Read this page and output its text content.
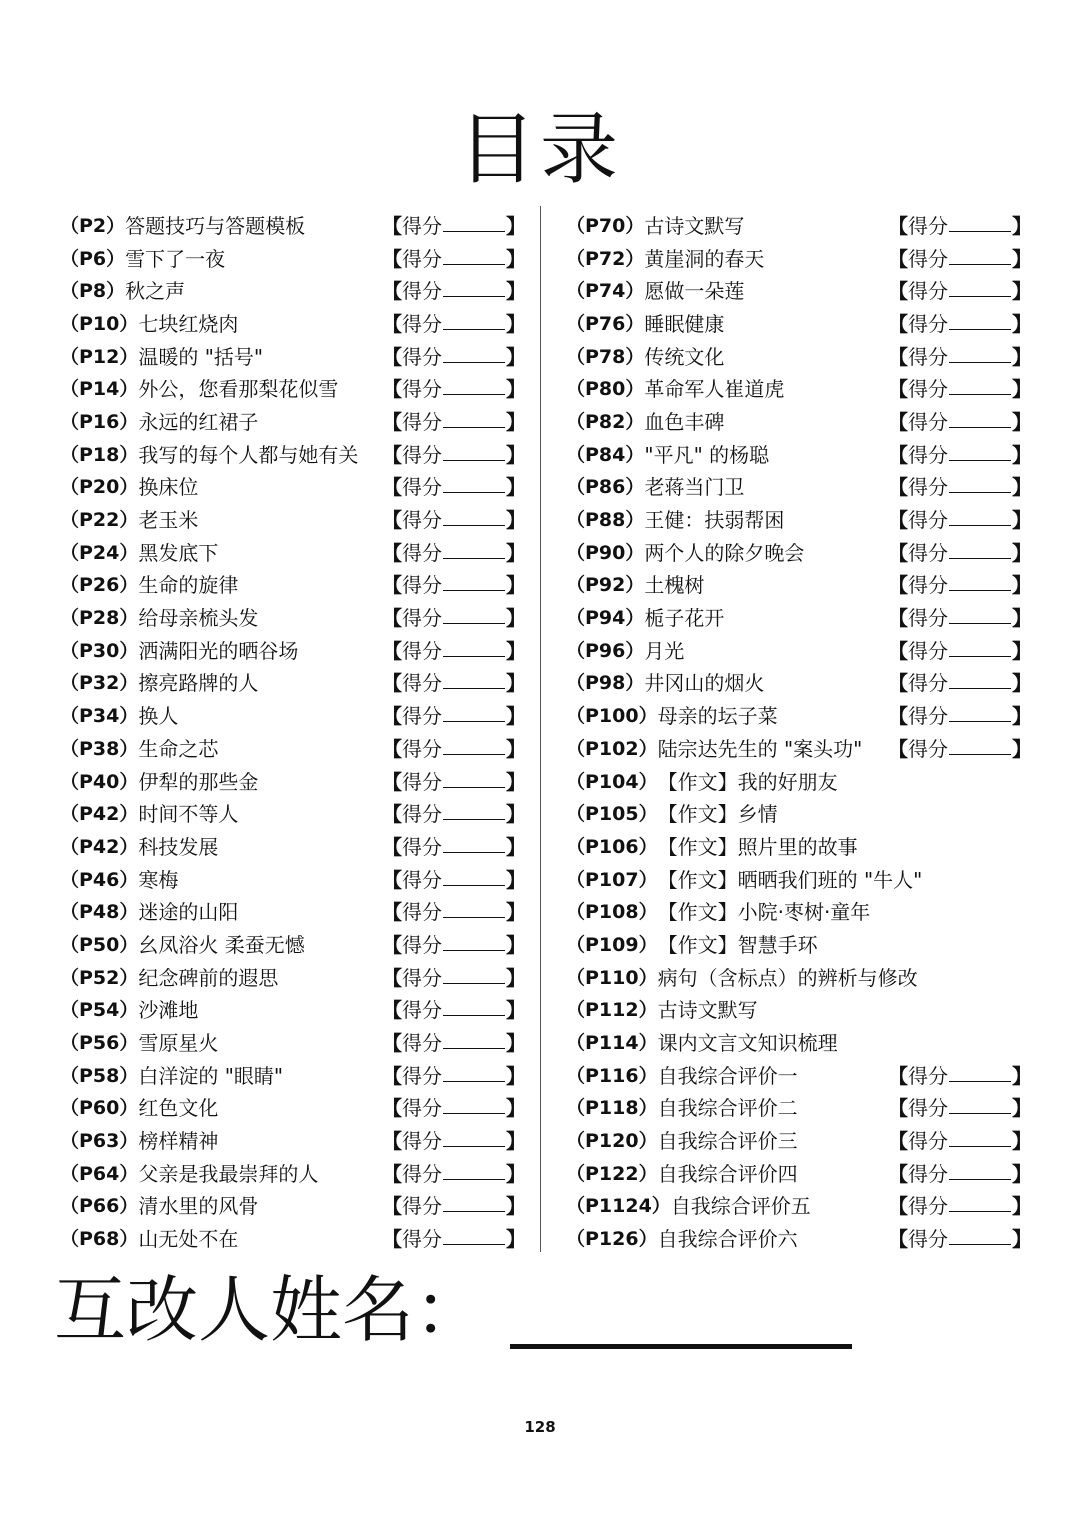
目录
（P2） 答题技巧与答题模板	【 得分	】
（P6） 雪下了一夜	【 得分	】
（P8） 秋之声	【 得分	】
（P10） 七块红烧肉	【 得分	】
（P12） 温暖的 "括号"	【 得分	】
（P14） 外公，您看那梨花似雪 【 得分	】
（P16） 永远的红裙子	【 得分	】
（P18） 我写的每个人都与她有关 【 得分	】
（P20） 换床位	【 得分	】
（P22） 老玉米	【 得分	】
（P24） 黑发底下	【 得分	】
（P26） 生命的旋律	【 得分	】
（P28） 给母亲梳头发	【 得分	】
（P30） 洒满阳光的晒谷场	【 得分	】
（P32） 擦亮路牌的人	【 得分	】
（P34） 换人	【 得分	】
（P38） 生命之芯	【 得分	】
（P40） 伊犁的那些金	【 得分	】
（P42） 时间不等人	【 得分	】
（P42） 科技发展	【 得分	】
（P46） 寒梅	【 得分	】
（P48） 迷途的山阳	【 得分	】
（P50） 幺凤浴火 柔蚕无憾	【 得分	】
（P52） 纪念碑前的遐思	【 得分	】
（P54） 沙滩地	【 得分	】
（P56） 雪原星火	【 得分	】
（P58） 白洋淀的 "眼睛"	【 得分	】
（P60） 红色文化	【 得分	】
（P63） 榜样精神	【 得分	】
（P64） 父亲是我最崇拜的人	【 得分	】
（P66） 清水里的风骨	【 得分	】
（P68） 山无处不在	【 得分	】
（P70） 古诗文默写	【 得分	】
（P72） 黄崖洞的春天	【 得分	】
（P74） 愿做一朵莲	【 得分	】
（P76） 睡眠健康	【 得分	】
（P78） 传统文化	【 得分	】
（P80） 革命军人崔道虎	【 得分	】
（P82） 血色丰碑	【 得分	】
（P84） "平凡" 的杨聪	【 得分	】
（P86） 老蒋当门卫	【 得分	】
（P88） 王健：扶弱帮困	【 得分	】
（P90） 两个人的除夕晚会	【 得分	】
（P92） 土槐树	【 得分	】
（P94） 栀子花开	【 得分	】
（P96） 月光	【 得分	】
（P98） 井冈山的烟火	【 得分	】
（P100） 母亲的坛子菜	【 得分	】
（P102） 陆宗达先生的 "案头功" 【 得分	】
（P104） 【作文】我的好朋友
（P105） 【作文】乡情
（P106） 【作文】照片里的故事
（P107） 【作文】晒晒我们班的 "牛人"
（P108） 【作文】小院·枣树·童年
（P109） 【作文】智慧手环
（P110） 病句（含标点）的辨析与修改
（P112） 古诗文默写
（P114） 课内文言文知识梳理
（P116） 自我综合评价一	【 得分	】
（P118） 自我综合评价二	【 得分	】
（P120） 自我综合评价三	【 得分	】
（P122） 自我综合评价四	【 得分	】
（P1124） 自我综合评价五	【 得分	】
（P126） 自我综合评价六	【 得分	】
互改人姓名：
128
